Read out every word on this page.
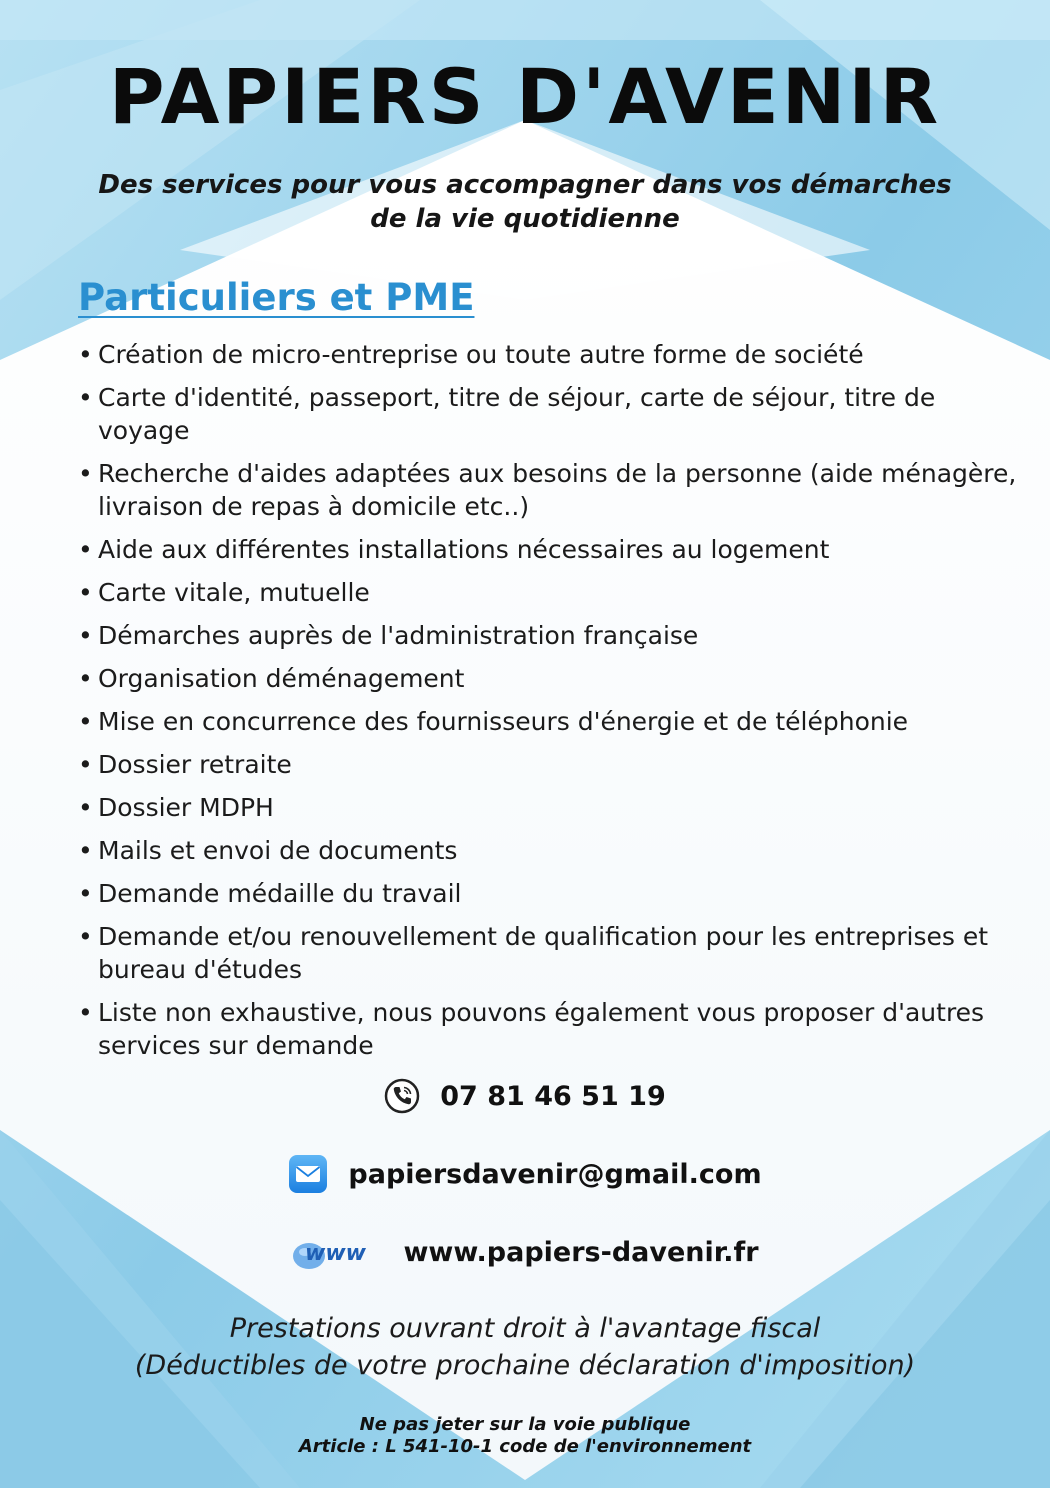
PAPIERS D'AVENIR
Des services pour vous accompagner dans vos démarches
de la vie quotidienne
Particuliers et PME
• Création de micro-entreprise ou toute autre forme de société
• Carte d'identité, passeport, titre de séjour, carte de séjour, titre de voyage
• Recherche d'aides adaptées aux besoins de la personne (aide ménagère, livraison de repas à domicile etc..)
• Aide aux différentes installations nécessaires au logement
• Carte vitale, mutuelle
• Démarches auprès de l'administration française
• Organisation déménagement
• Mise en concurrence des fournisseurs d'énergie et de téléphonie
• Dossier retraite
• Dossier MDPH
• Mails et envoi de documents
• Demande médaille du travail
• Demande et/ou renouvellement de qualification pour les entreprises et bureau d'études
• Liste non exhaustive, nous pouvons également vous proposer d'autres services sur demande
07 81 46 51 19
papiersdavenir@gmail.com
www www.papiers-davenir.fr
Prestations ouvrant droit à l'avantage fiscal
(Déductibles de votre prochaine déclaration d'imposition)
Ne pas jeter sur la voie publique
Article : L 541-10-1 code de l'environnement
